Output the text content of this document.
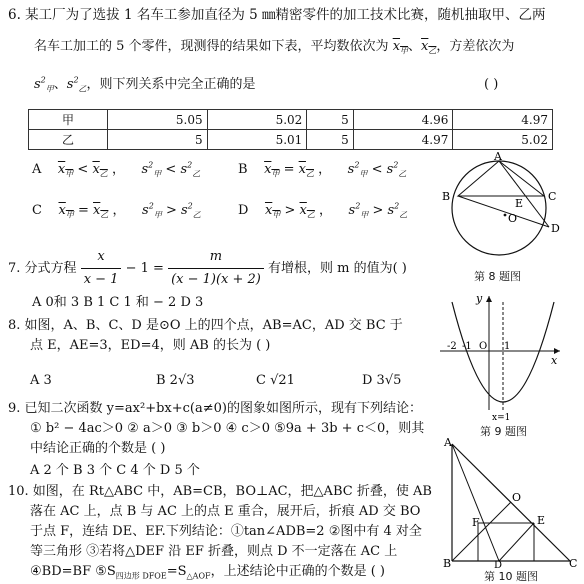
6. 某工厂为了选拔 1 名车工参加直径为 5 ㎜精密零件的加工技术比赛，随机抽取甲、乙两
名车工加工的 5 个零件，现测得的结果如下表，平均数依次为 $x_甲$、$x_乙$，方差依次为
$s^2_甲$、$s^2_乙$，则下列关系中完全正确的是	( )
甲	5.05	5.02	5	4.96	4.97
乙	5	5.01	5	4.97	5.02
A $x_甲 < x_乙$ ， $s^2_甲 < s^2_乙$	B $x_甲 = x_乙$ ， $s^2_甲 < s^2_乙$
C $x_甲 = x_乙$ ， $s^2_甲 > s^2_乙$	D $x_甲 > x_乙$ ， $s^2_甲 > s^2_乙$
7. 分式方程 $\frac{x}{x - 1} - 1 = \frac{m}{(x - 1)(x + 2)}$ 有增根，则 m 的值为( )
A 0和 3 B 1 C 1 和 − 2 D 3
8. 如图，A、B、C、D 是⊙O 上的四个点，AB=AC，AD 交 BC 于
点 E，AE=3，ED=4，则 AB 的长为 ( )
A 3	B 2√3	C √21	D 3√5
9. 已知二次函数 y=ax²+bx+c(a≠0)的图象如图所示，现有下列结论：
① b² − 4ac＞0 ② a＞0 ③ b＞0 ④ c＞0 ⑤9a + 3b + c＜0，则其
中结论正确的个数是 ( )
A 2 个 B 3 个 C 4 个 D 5 个
10. 如图，在 Rt△ABC 中，AB=CB，BO⊥AC，把△ABC 折叠，使 AB
落在 AC 上，点 B 与 AC 上的点 E 重合，展开后，折痕 AD 交 BO
于点 F，连结 DE、EF.下列结论：①tan∠ADB=2 ②图中有 4 对全
等三角形 ③若将△DEF 沿 EF 折叠，则点 D 不一定落在 AC 上
④BD=BF $⑤S_{四边形 DFOE}=S_{\triangle AOF}$，上述结论中正确的个数是 ( )
A
B	C
D
E
O
第 8 题图
y
x
-2 -1 O 1
x=1
第 9 题图
A
B	C
D
E
F
O
第 10 题图
